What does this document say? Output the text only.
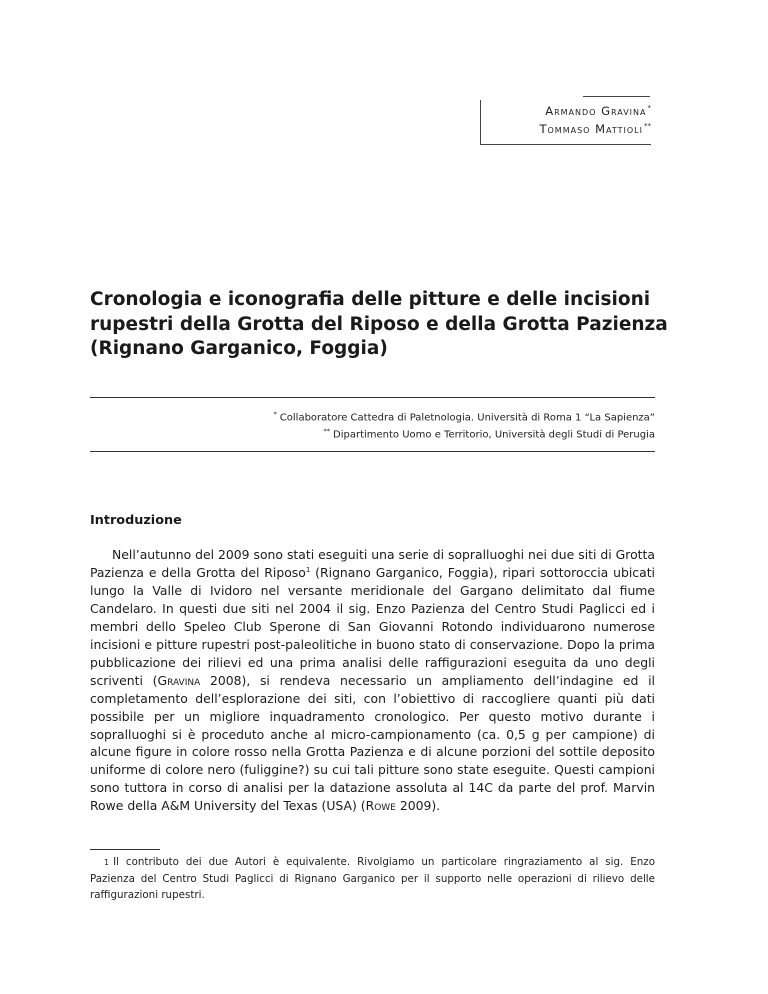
Armando Gravina*
Tommaso Mattioli**
Cronologia e iconografia delle pitture e delle incisioni rupestri della Grotta del Riposo e della Grotta Pazienza (Rignano Garganico, Foggia)
* Collaboratore Cattedra di Paletnologia. Università di Roma 1 “La Sapienza”
** Dipartimento Uomo e Territorio, Università degli Studi di Perugia
Introduzione

Nell’autunno del 2009 sono stati eseguiti una serie di sopralluoghi nei due siti di Grotta Pazienza e della Grotta del Riposo$^1$ (Rignano Garganico, Foggia), ripari sottoroccia ubicati lungo la Valle di Ividoro nel versante meridionale del Gargano delimitato dal fiume Candelaro. In questi due siti nel 2004 il sig. Enzo Pazienza del Centro Studi Paglicci ed i membri dello Speleo Club Sperone di San Giovanni Rotondo individuarono numerose incisioni e pitture rupestri post-paleolitiche in buono stato di conservazione. Dopo la prima pubblicazione dei rilievi ed una prima analisi delle raffigurazioni eseguita da uno degli scriventi (Gravina 2008), si rendeva necessario un ampliamento dell’indagine ed il completamento dell’esplorazione dei siti, con l’obiettivo di raccogliere quanti più dati possibile per un migliore inquadramento cronologico. Per questo motivo durante i sopralluoghi si è proceduto anche al micro-campionamento (ca. 0,5 g per campione) di alcune figure in colore rosso nella Grotta Pazienza e di alcune porzioni del sottile deposito uniforme di colore nero (fuliggine?) su cui tali pitture sono state eseguite. Questi campioni sono tuttora in corso di analisi per la datazione assoluta al 14C da parte del prof. Marvin Rowe della A&M University del Texas (USA) (Rowe 2009).

1 Il contributo dei due Autori è equivalente. Rivolgiamo un particolare ringraziamento al sig. Enzo Pazienza del Centro Studi Paglicci di Rignano Garganico per il supporto nelle operazioni di rilievo delle raffigurazioni rupestri.
